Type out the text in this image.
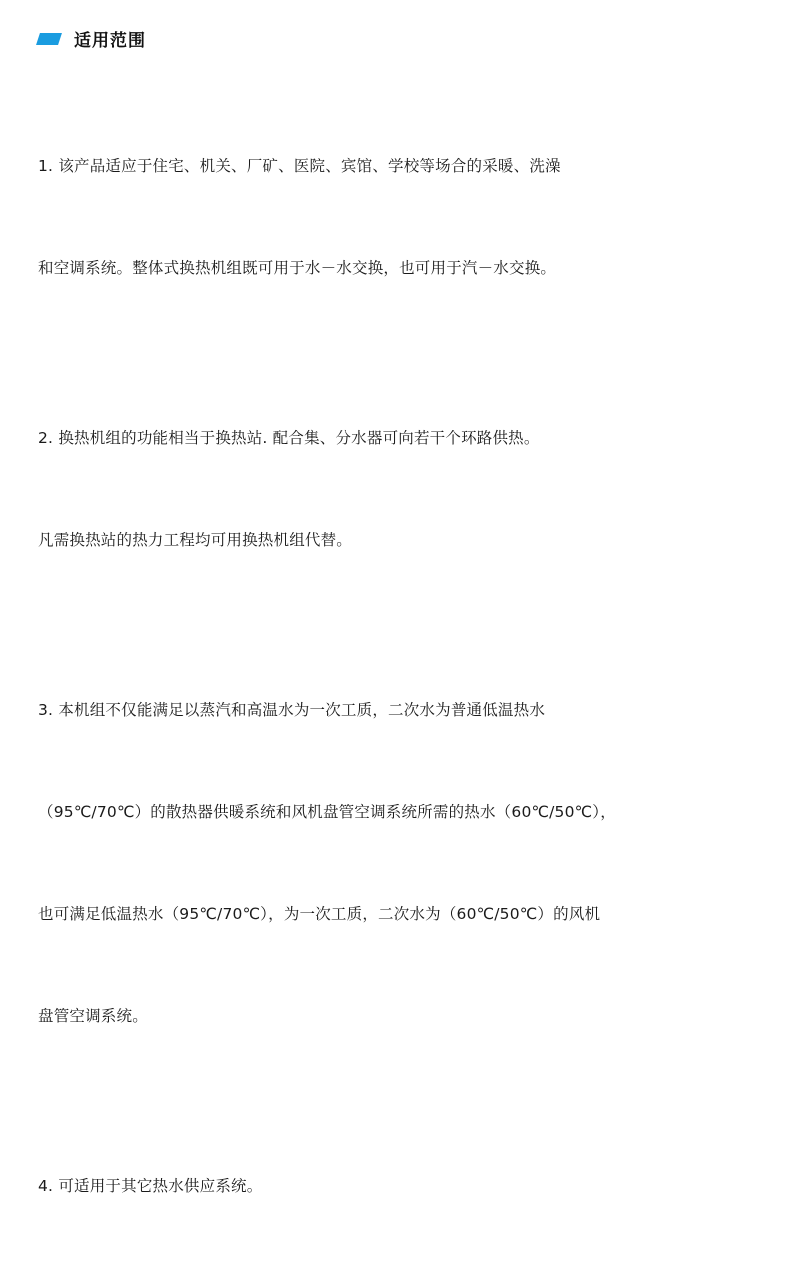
适用范围

1. 该产品适应于住宅、机关、厂矿、医院、宾馆、学校等场合的采暖、洗澡

和空调系统。整体式换热机组既可用于水－水交换，也可用于汽－水交换。

2. 换热机组的功能相当于换热站. 配合集、分水器可向若干个环路供热。

凡需换热站的热力工程均可用换热机组代替。

3. 本机组不仅能满足以蒸汽和高温水为一次工质，二次水为普通低温热水

（95℃/70℃）的散热器供暖系统和风机盘管空调系统所需的热水（60℃/50℃），

也可满足低温热水（95℃/70℃），为一次工质，二次水为（60℃/50℃）的风机

盘管空调系统。

4. 可适用于其它热水供应系统。
